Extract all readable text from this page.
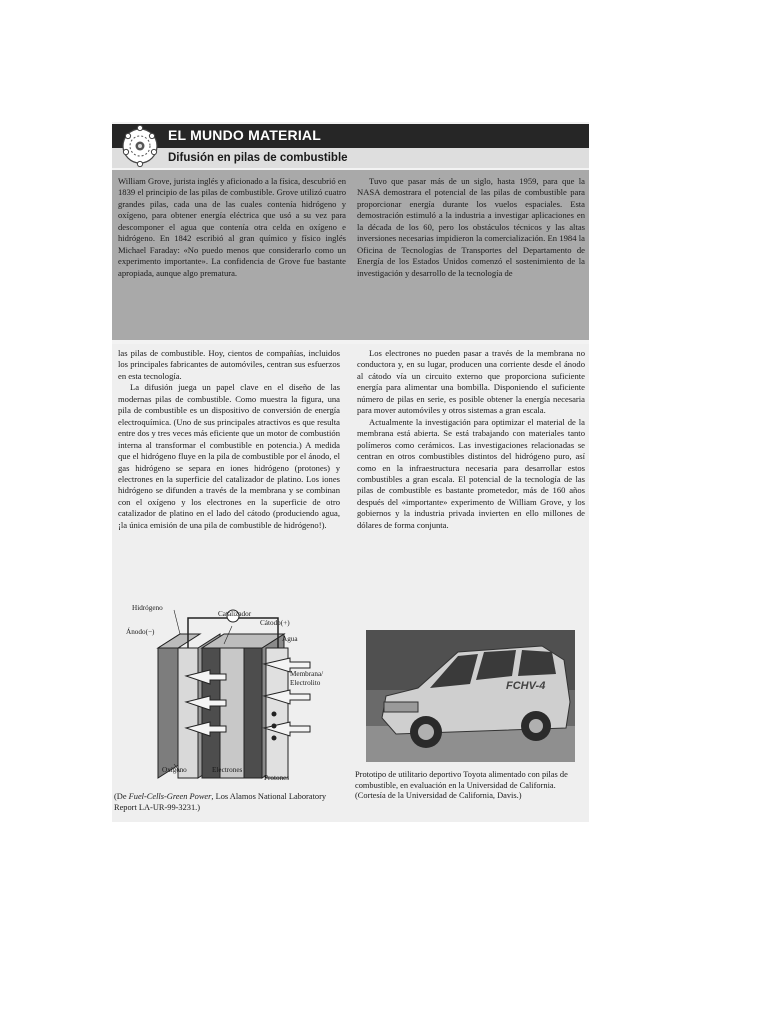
EL MUNDO MATERIAL
Difusión en pilas de combustible

William Grove, jurista inglés y aficionado a la física, descubrió en 1839 el principio de las pilas de combustible. Grove utilizó cuatro grandes pilas, cada una de las cuales contenía hidrógeno y oxígeno, para obtener energía eléctrica que usó a su vez para descomponer el agua que contenía otra celda en oxígeno e hidrógeno. En 1842 escribió al gran químico y físico inglés Michael Faraday: «No puedo menos que considerarlo como un experimento importante». La confidencia de Grove fue bastante apropiada, aunque algo prematura.

Tuvo que pasar más de un siglo, hasta 1959, para que la NASA demostrara el potencial de las pilas de combustible para proporcionar energía durante los vuelos espaciales. Esta demostración estimuló a la industria a investigar aplicaciones en la década de los 60, pero los obstáculos técnicos y las altas inversiones necesarias impidieron la comercialización. En 1984 la Oficina de Tecnologías de Transportes del Departamento de Energía de los Estados Unidos comenzó el sostenimiento de la investigación y desarrollo de la tecnología de

las pilas de combustible. Hoy, cientos de compañías, incluidos los principales fabricantes de automóviles, centran sus esfuerzos en esta tecnología.

La difusión juega un papel clave en el diseño de las modernas pilas de combustible. Como muestra la figura, una pila de combustible es un dispositivo de conversión de energía electroquímica. (Uno de sus principales atractivos es que resulta entre dos y tres veces más eficiente que un motor de combustión interna al transformar el combustible en potencia.) A medida que el hidrógeno fluye en la pila de combustible por el ánodo, el gas hidrógeno se separa en iones hidrógeno (protones) y electrones en la superficie del catalizador de platino. Los iones hidrógeno se difunden a través de la membrana y se combinan con el oxígeno y los electrones en la superficie de otro catalizador de platino en el lado del cátodo (produciendo agua, ¡la única emisión de una pila de combustible de hidrógeno!).

Los electrones no pueden pasar a través de la membrana no conductora y, en su lugar, producen una corriente desde el ánodo al cátodo vía un circuito externo que proporciona suficiente energía para alimentar una bombilla. Disponiendo el suficiente número de pilas en serie, es posible obtener la energía necesaria para mover automóviles y otros sistemas a gran escala.

Actualmente la investigación para optimizar el material de la membrana está abierta. Se está trabajando con materiales tanto polímeros como cerámicos. Las investigaciones relacionadas se centran en otros combustibles distintos del hidrógeno puro, así como en la infraestructura necesaria para desarrollar estos combustibles a gran escala. El potencial de la tecnología de las pilas de combustible es bastante prometedor, más de 160 años después del «importante» experimento de William Grove, y los gobiernos y la industria privada invierten en ello millones de dólares de forma conjunta.

Hidrógeno
Catalizador
Cátodo(+)
Ánodo(−)
Agua
Membrana/
Electrolito
Oxígeno	Electrones
Protones
(De Fuel-Cells-Green Power, Los Alamos National Laboratory Report LA-UR-99-3231.)
FCHV-4
Prototipo de utilitario deportivo Toyota alimentado con pilas de combustible, en evaluación en la Universidad de California. (Cortesía de la Universidad de California, Davis.)
